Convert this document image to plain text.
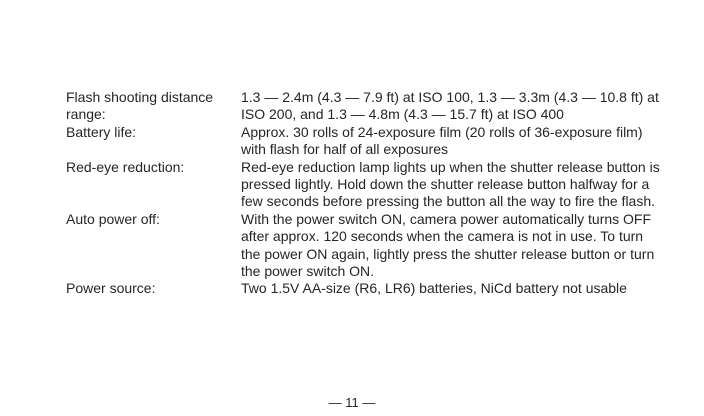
Flash shooting distance range:	1.3 — 2.4m (4.3 — 7.9 ft) at ISO 100, 1.3 — 3.3m (4.3 — 10.8 ft) at ISO 200, and 1.3 — 4.8m (4.3 — 15.7 ft) at ISO 400

Battery life:	Approx. 30 rolls of 24-exposure film (20 rolls of 36-exposure film) with flash for half of all exposures

Red-eye reduction:	Red-eye reduction lamp lights up when the shutter release button is pressed lightly. Hold down the shutter release button halfway for a few seconds before pressing the button all the way to fire the flash.

Auto power off:	With the power switch ON, camera power automatically turns OFF after approx. 120 seconds when the camera is not in use. To turn the power ON again, lightly press the shutter release button or turn the power switch ON.

Power source:	Two 1.5V AA-size (R6, LR6) batteries, NiCd battery not usable
— 11 —
